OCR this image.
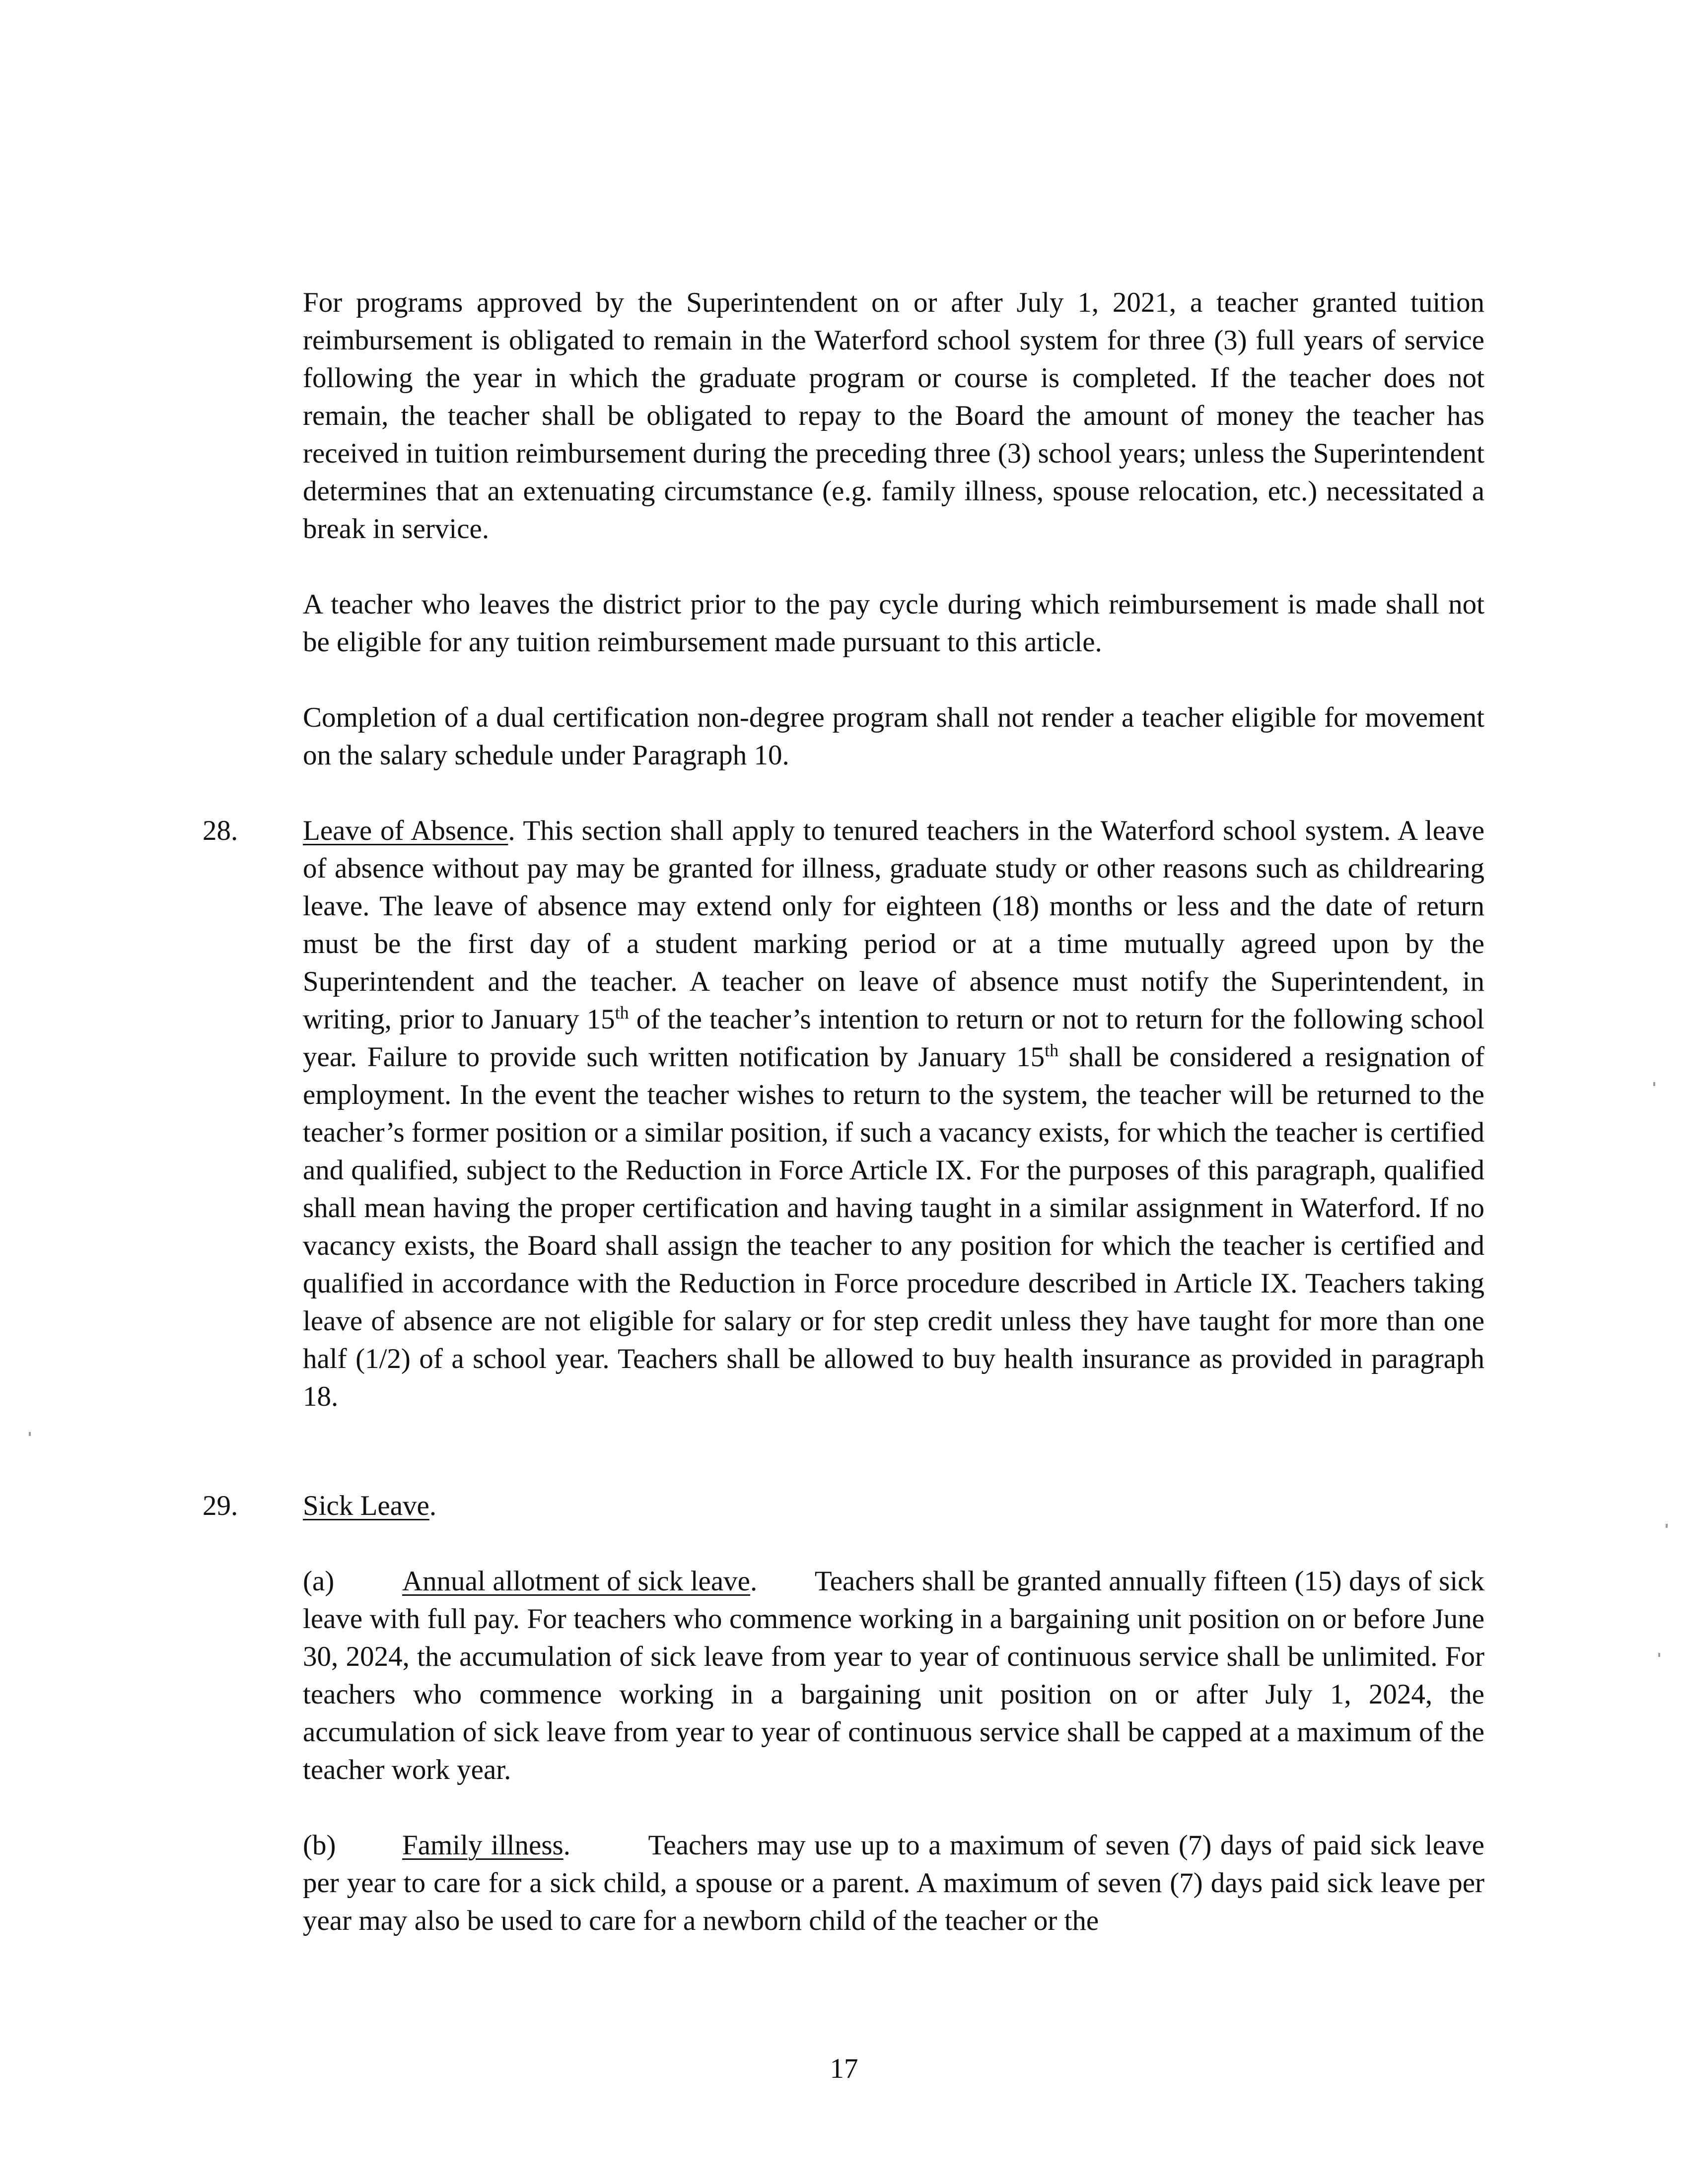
For programs approved by the Superintendent on or after July 1, 2021, a teacher granted tuition reimbursement is obligated to remain in the Waterford school system for three (3) full years of service following the year in which the graduate program or course is completed. If the teacher does not remain, the teacher shall be obligated to repay to the Board the amount of money the teacher has received in tuition reimbursement during the preceding three (3) school years; unless the Superintendent determines that an extenuating circumstance (e.g. family illness, spouse relocation, etc.) necessitated a break in service.

A teacher who leaves the district prior to the pay cycle during which reimbursement is made shall not be eligible for any tuition reimbursement made pursuant to this article.

Completion of a dual certification non-degree program shall not render a teacher eligible for movement on the salary schedule under Paragraph 10.

28. Leave of Absence. This section shall apply to tenured teachers in the Waterford school system. A leave of absence without pay may be granted for illness, graduate study or other reasons such as childrearing leave. The leave of absence may extend only for eighteen (18) months or less and the date of return must be the first day of a student marking period or at a time mutually agreed upon by the Superintendent and the teacher. A teacher on leave of absence must notify the Superintendent, in writing, prior to January 15th of the teacher’s intention to return or not to return for the following school year. Failure to provide such written notification by January 15th shall be considered a resignation of employment. In the event the teacher wishes to return to the system, the teacher will be returned to the teacher’s former position or a similar position, if such a vacancy exists, for which the teacher is certified and qualified, subject to the Reduction in Force Article IX. For the purposes of this paragraph, qualified shall mean having the proper certification and having taught in a similar assignment in Waterford. If no vacancy exists, the Board shall assign the teacher to any position for which the teacher is certified and qualified in accordance with the Reduction in Force procedure described in Article IX. Teachers taking leave of absence are not eligible for salary or for step credit unless they have taught for more than one half (1/2) of a school year. Teachers shall be allowed to buy health insurance as provided in paragraph 18.

29. Sick Leave.

(a) Annual allotment of sick leave. Teachers shall be granted annually fifteen (15) days of sick leave with full pay. For teachers who commence working in a bargaining unit position on or before June 30, 2024, the accumulation of sick leave from year to year of continuous service shall be unlimited. For teachers who commence working in a bargaining unit position on or after July 1, 2024, the accumulation of sick leave from year to year of continuous service shall be capped at a maximum of the teacher work year.

(b) Family illness.	Teachers may use up to a maximum of seven (7) days of paid sick leave per year to care for a sick child, a spouse or a parent. A maximum of seven (7) days paid sick leave per year may also be used to care for a newborn child of the teacher or the

17
